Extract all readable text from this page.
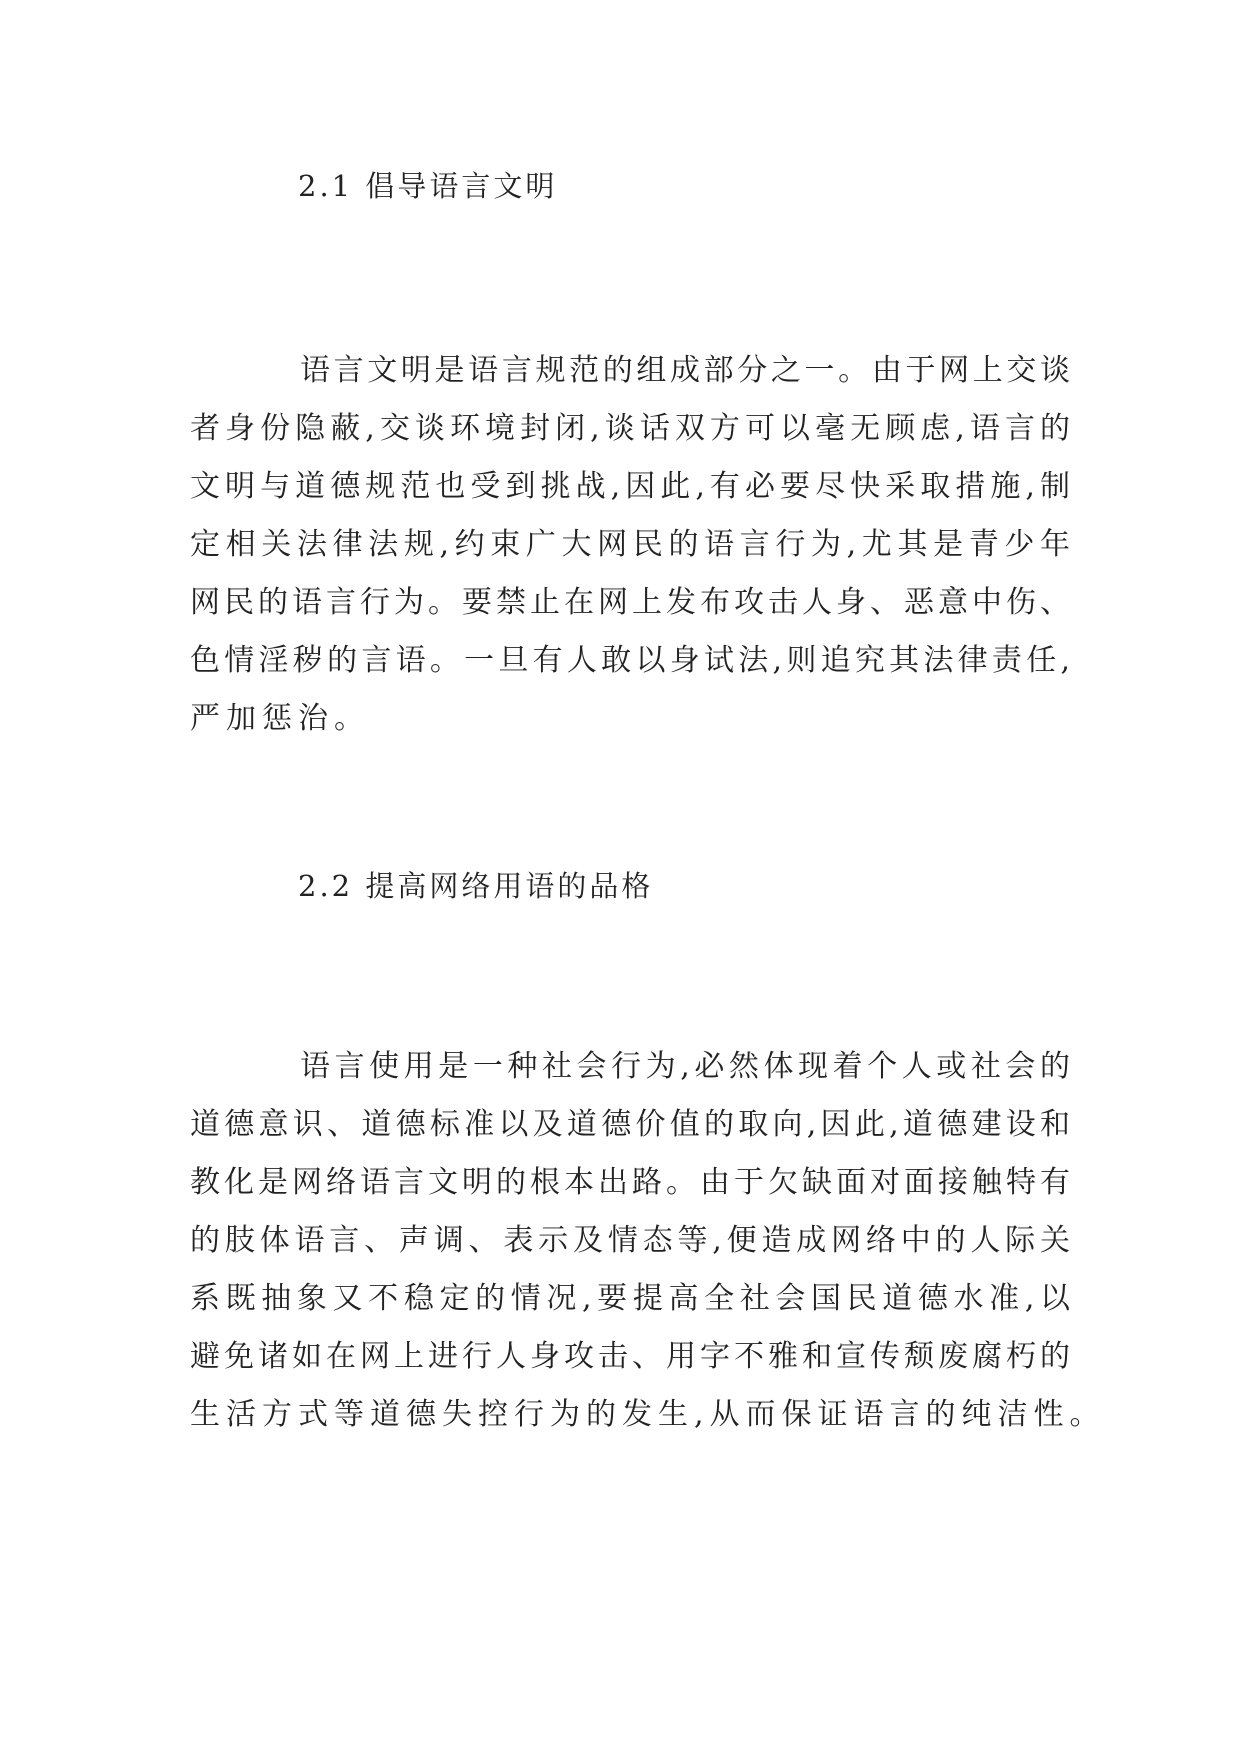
2.1 倡导语言文明
语言文明是语言规范的组成部分之一。由于网上交谈
者身份隐蔽,交谈环境封闭,谈话双方可以毫无顾虑,语言的
文明与道德规范也受到挑战,因此,有必要尽快采取措施,制
定相关法律法规,约束广大网民的语言行为,尤其是青少年
网民的语言行为。要禁止在网上发布攻击人身、恶意中伤、
色情淫秽的言语。一旦有人敢以身试法,则追究其法律责任,
严加惩治。
2.2 提高网络用语的品格
语言使用是一种社会行为,必然体现着个人或社会的
道德意识、道德标准以及道德价值的取向,因此,道德建设和
教化是网络语言文明的根本出路。由于欠缺面对面接触特有
的肢体语言、声调、表示及情态等,便造成网络中的人际关
系既抽象又不稳定的情况,要提高全社会国民道德水准,以
避免诸如在网上进行人身攻击、用字不雅和宣传颓废腐朽的
生活方式等道德失控行为的发生,从而保证语言的纯洁性。
